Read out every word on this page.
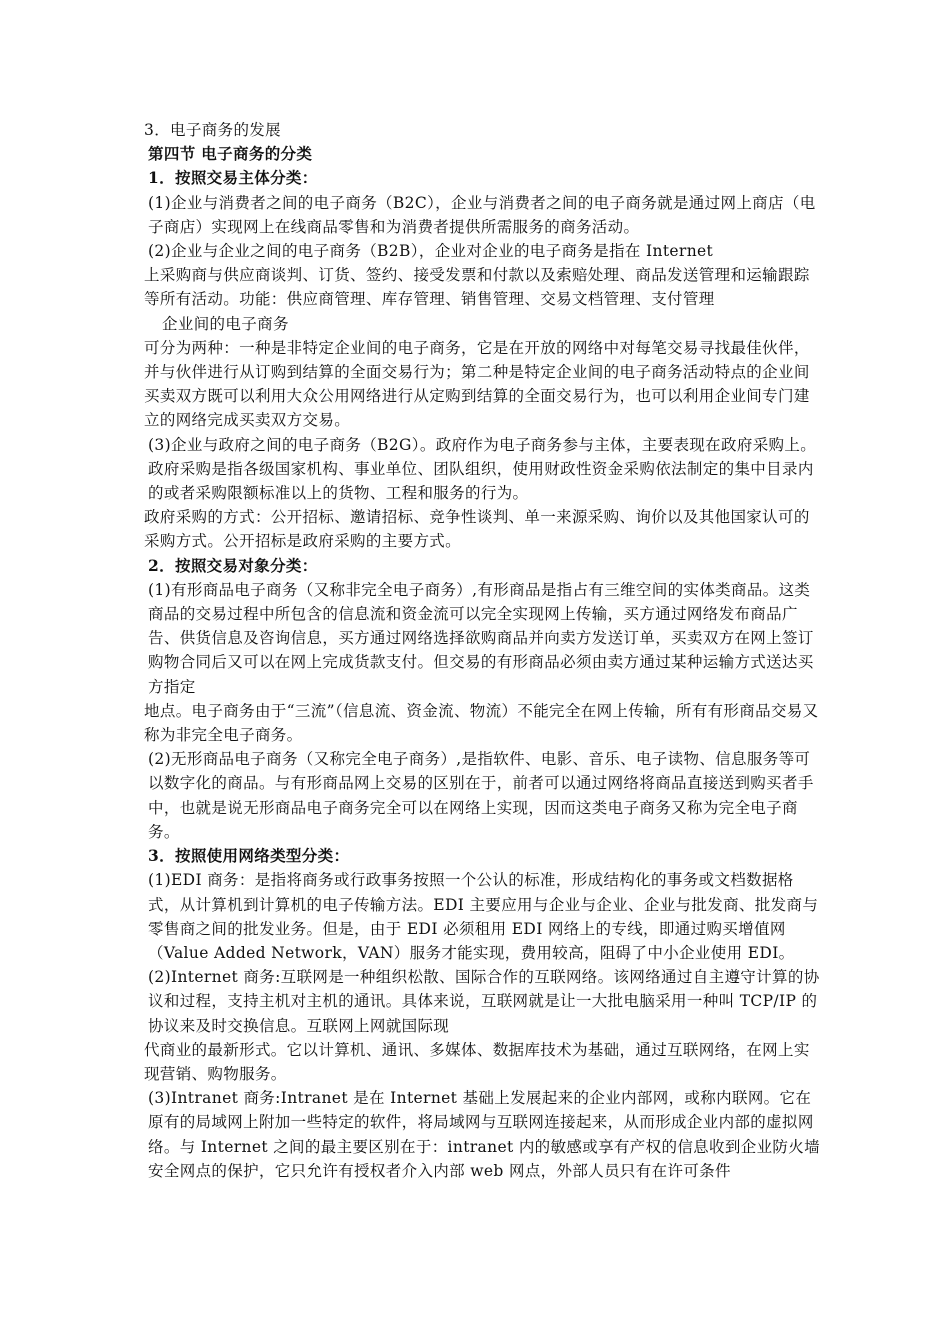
3．电子商务的发展

第四节 电子商务的分类

1．按照交易主体分类：

(1)企业与消费者之间的电子商务（B2C），企业与消费者之间的电子商务就是通过网上商店（电子商店）实现网上在线商品零售和为消费者提供所需服务的商务活动。

(2)企业与企业之间的电子商务（B2B），企业对企业的电子商务是指在 Internet

上采购商与供应商谈判、订货、签约、接受发票和付款以及索赔处理、商品发送管理和运输跟踪等所有活动。功能：供应商管理、库存管理、销售管理、交易文档管理、支付管理

企业间的电子商务

可分为两种：一种是非特定企业间的电子商务，它是在开放的网络中对每笔交易寻找最佳伙伴，并与伙伴进行从订购到结算的全面交易行为；第二种是特定企业间的电子商务活动特点的企业间买卖双方既可以利用大众公用网络进行从定购到结算的全面交易行为，也可以利用企业间专门建立的网络完成买卖双方交易。

(3)企业与政府之间的电子商务（B2G）。政府作为电子商务参与主体，主要表现在政府采购上。政府采购是指各级国家机构、事业单位、团队组织，使用财政性资金采购依法制定的集中目录内的或者采购限额标准以上的货物、工程和服务的行为。

政府采购的方式：公开招标、邀请招标、竞争性谈判、单一来源采购、询价以及其他国家认可的采购方式。公开招标是政府采购的主要方式。

2．按照交易对象分类：

(1)有形商品电子商务（又称非完全电子商务）,有形商品是指占有三维空间的实体类商品。这类商品的交易过程中所包含的信息流和资金流可以完全实现网上传输，买方通过网络发布商品广告、供货信息及咨询信息，买方通过网络选择欲购商品并向卖方发送订单，买卖双方在网上签订购物合同后又可以在网上完成货款支付。但交易的有形商品必须由卖方通过某种运输方式送达买方指定

地点。电子商务由于“三流”（信息流、资金流、物流）不能完全在网上传输，所有有形商品交易又称为非完全电子商务。

(2)无形商品电子商务（又称完全电子商务）,是指软件、电影、音乐、电子读物、信息服务等可以数字化的商品。与有形商品网上交易的区别在于，前者可以通过网络将商品直接送到购买者手中，也就是说无形商品电子商务完全可以在网络上实现，因而这类电子商务又称为完全电子商务。

3．按照使用网络类型分类：

(1)EDI 商务：是指将商务或行政事务按照一个公认的标准，形成结构化的事务或文档数据格式，从计算机到计算机的电子传输方法。EDI 主要应用与企业与企业、企业与批发商、批发商与零售商之间的批发业务。但是，由于 EDI 必须租用 EDI 网络上的专线，即通过购买增值网（Value Added Network，VAN）服务才能实现，费用较高，阻碍了中小企业使用 EDI。 (2)Internet 商务:互联网是一种组织松散、国际合作的互联网络。该网络通过自主遵守计算的协议和过程，支持主机对主机的通讯。具体来说，互联网就是让一大批电脑采用一种叫 TCP/IP 的协议来及时交换信息。互联网上网就国际现

代商业的最新形式。它以计算机、通讯、多媒体、数据库技术为基础，通过互联网络，在网上实现营销、购物服务。

(3)Intranet 商务:Intranet 是在 Internet 基础上发展起来的企业内部网，或称内联网。它在原有的局域网上附加一些特定的软件，将局域网与互联网连接起来，从而形成企业内部的虚拟网络。与 Internet 之间的最主要区别在于：intranet 内的敏感或享有产权的信息收到企业防火墙安全网点的保护，它只允许有授权者介入内部 web 网点，外部人员只有在许可条件
